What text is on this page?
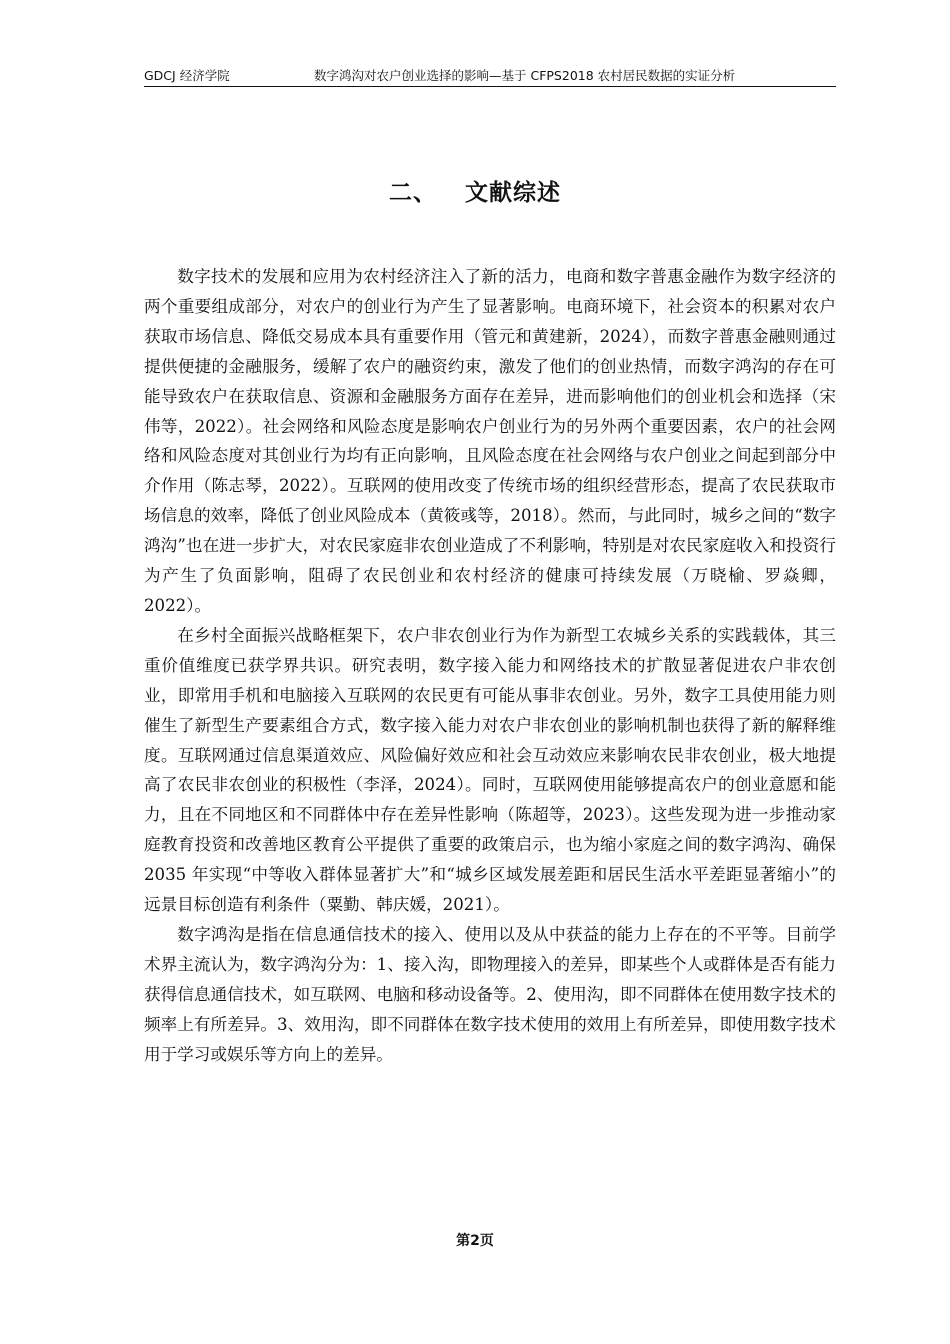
GDCJ 经济学院	数字鸿沟对农户创业选择的影响—基于 CFPS2018 农村居民数据的实证分析
二、 文献综述

数字技术的发展和应用为农村经济注入了新的活力，电商和数字普惠金融作为数字经济的两个重要组成部分，对农户的创业行为产生了显著影响。电商环境下，社会资本的积累对农户获取市场信息、降低交易成本具有重要作用（管元和黄建新，2024），而数字普惠金融则通过提供便捷的金融服务，缓解了农户的融资约束，激发了他们的创业热情，而数字鸿沟的存在可能导致农户在获取信息、资源和金融服务方面存在差异，进而影响他们的创业机会和选择（宋伟等，2022）。社会网络和风险态度是影响农户创业行为的另外两个重要因素，农户的社会网络和风险态度对其创业行为均有正向影响，且风险态度在社会网络与农户创业之间起到部分中介作用（陈志琴，2022）。互联网的使用改变了传统市场的组织经营形态，提高了农民获取市场信息的效率，降低了创业风险成本（黄筱彧等，2018）。然而，与此同时，城乡之间的“数字鸿沟”也在进一步扩大，对农民家庭非农创业造成了不利影响，特别是对农民家庭收入和投资行为产生了负面影响，阻碍了农民创业和农村经济的健康可持续发展（万晓榆、罗焱卿，2022）。

在乡村全面振兴战略框架下，农户非农创业行为作为新型工农城乡关系的实践载体，其三重价值维度已获学界共识。研究表明，数字接入能力和网络技术的扩散显著促进农户非农创业，即常用手机和电脑接入互联网的农民更有可能从事非农创业。另外，数字工具使用能力则催生了新型生产要素组合方式，数字接入能力对农户非农创业的影响机制也获得了新的解释维度。互联网通过信息渠道效应、风险偏好效应和社会互动效应来影响农民非农创业，极大地提高了农民非农创业的积极性（李泽，2024）。同时，互联网使用能够提高农户的创业意愿和能力，且在不同地区和不同群体中存在差异性影响（陈超等，2023）。这些发现为进一步推动家庭教育投资和改善地区教育公平提供了重要的政策启示，也为缩小家庭之间的数字鸿沟、确保 2035 年实现“中等收入群体显著扩大”和“城乡区域发展差距和居民生活水平差距显著缩小”的远景目标创造有利条件（粟勤、韩庆媛，2021）。

数字鸿沟是指在信息通信技术的接入、使用以及从中获益的能力上存在的不平等。目前学术界主流认为，数字鸿沟分为：1、接入沟，即物理接入的差异，即某些个人或群体是否有能力获得信息通信技术，如互联网、电脑和移动设备等。2、使用沟，即不同群体在使用数字技术的频率上有所差异。3、效用沟，即不同群体在数字技术使用的效用上有所差异，即使用数字技术用于学习或娱乐等方向上的差异。

第2页
